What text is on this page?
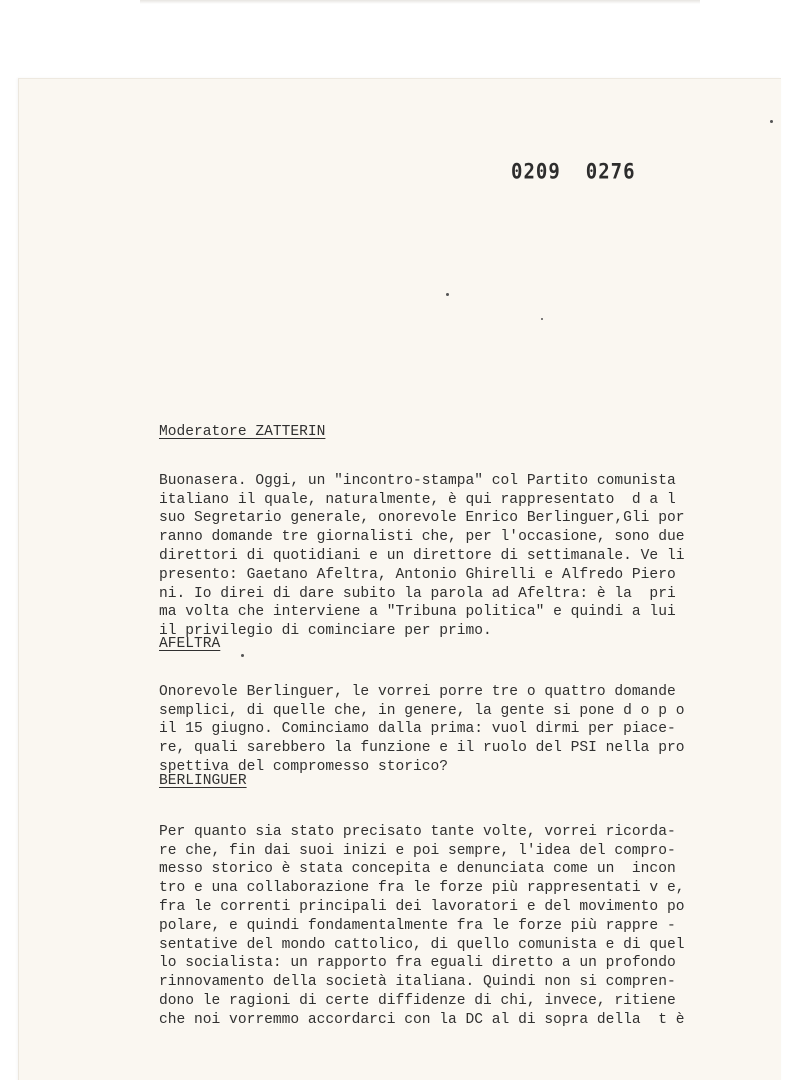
0209 0276
Moderatore ZATTERIN

Buonasera. Oggi, un "incontro-stampa" col Partito comunista
italiano il quale, naturalmente, è qui rappresentato  d a l
suo Segretario generale, onorevole Enrico Berlinguer,Gli por
ranno domande tre giornalisti che, per l'occasione, sono due
direttori di quotidiani e un direttore di settimanale. Ve li
presento: Gaetano Afeltra, Antonio Ghirelli e Alfredo Piero
ni. Io direi di dare subito la parola ad Afeltra: è la  pri
ma volta che interviene a "Tribuna politica" e quindi a lui
il privilegio di cominciare per primo.

AFELTRA

Onorevole Berlinguer, le vorrei porre tre o quattro domande
semplici, di quelle che, in genere, la gente si pone d o p o
il 15 giugno. Cominciamo dalla prima: vuol dirmi per piace-
re, quali sarebbero la funzione e il ruolo del PSI nella pro
spettiva del compromesso storico?

BERLINGUER

Per quanto sia stato precisato tante volte, vorrei ricorda-
re che, fin dai suoi inizi e poi sempre, l'idea del compro-
messo storico è stata concepita e denunciata come un  incon
tro e una collaborazione fra le forze più rappresentati v e,
fra le correnti principali dei lavoratori e del movimento po
polare, e quindi fondamentalmente fra le forze più rappre -
sentative del mondo cattolico, di quello comunista e di quel
lo socialista: un rapporto fra eguali diretto a un profondo
rinnovamento della società italiana. Quindi non si compren-
dono le ragioni di certe diffidenze di chi, invece, ritiene
che noi vorremmo accordarci con la DC al di sopra della  t è
